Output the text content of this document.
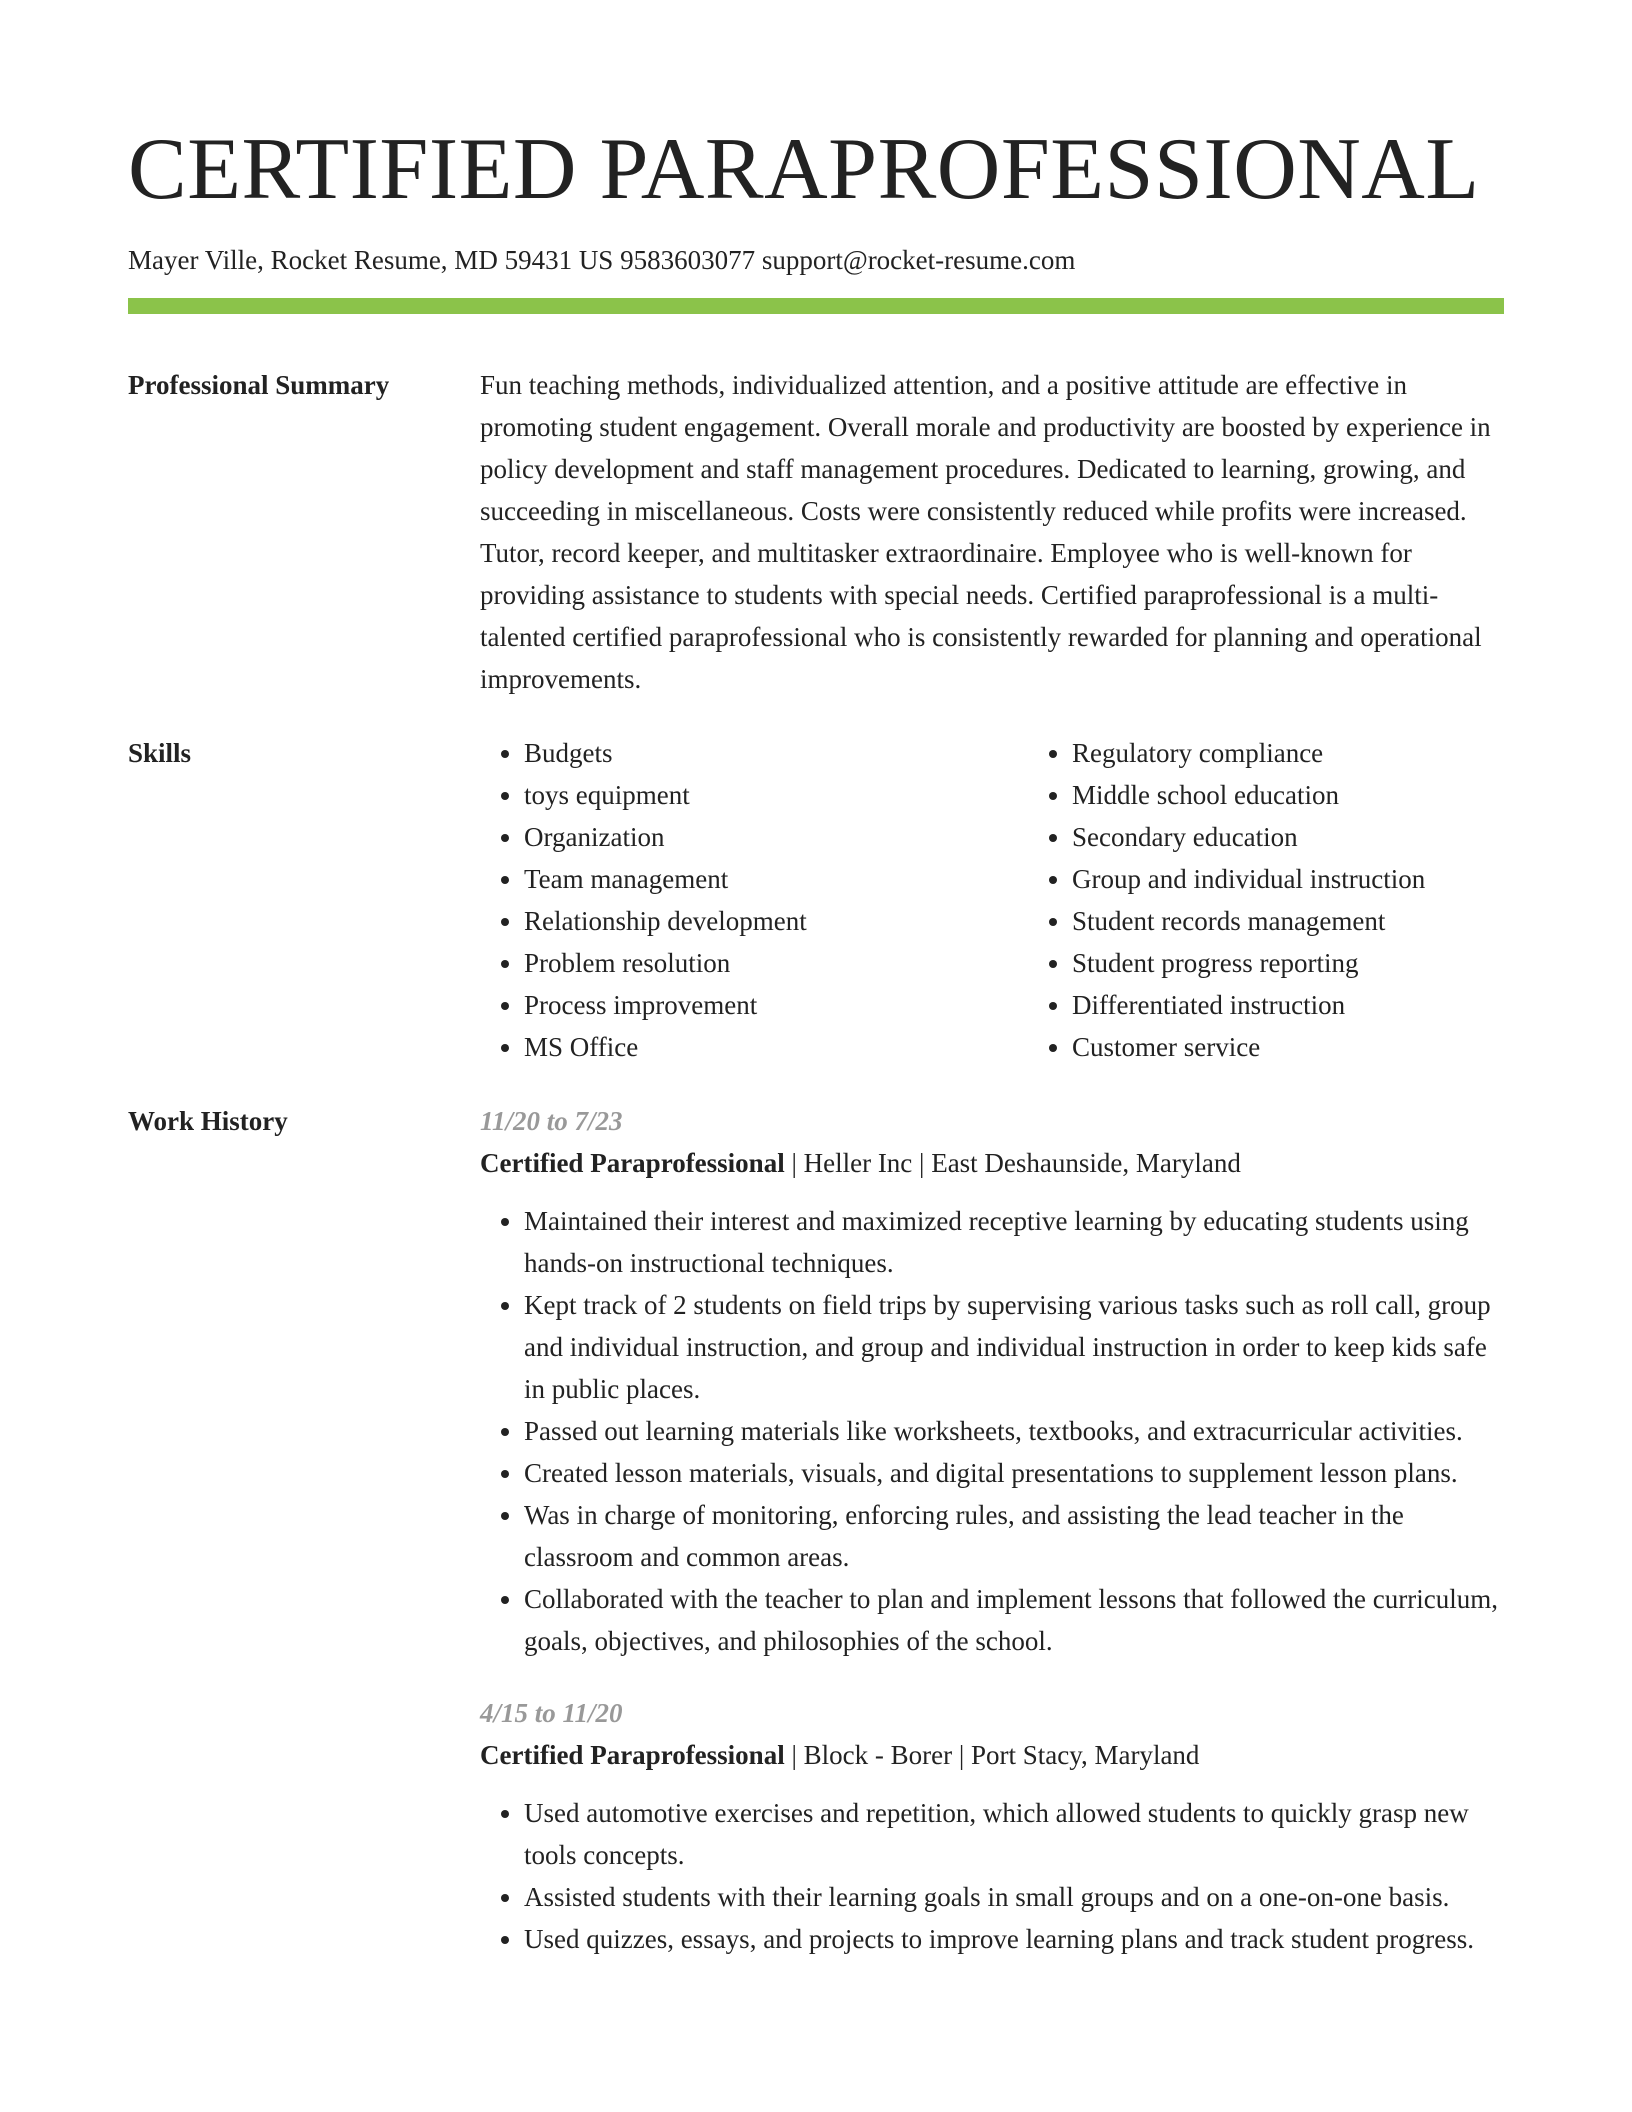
CERTIFIED PARAPROFESSIONAL
Mayer Ville, Rocket Resume, MD 59431 US 9583603077 support@rocket-resume.com
Professional Summary	Fun teaching methods, individualized attention, and a positive attitude are effective in promoting student engagement. Overall morale and productivity are boosted by experience in policy development and staff management procedures. Dedicated to learning, growing, and succeeding in miscellaneous. Costs were consistently reduced while profits were increased. Tutor, record keeper, and multitasker extraordinaire. Employee who is well-known for providing assistance to students with special needs. Certified paraprofessional is a multi-talented certified paraprofessional who is consistently rewarded for planning and operational improvements.

Skills
•	Budgets
• toys equipment
• Organization
• Team management
• Relationship development
• Problem resolution
• Process improvement
• MS Office
• Regulatory compliance
• Middle school education
• Secondary education
• Group and individual instruction
• Student records management
• Student progress reporting
• Differentiated instruction
• Customer service
Work History	11/20 to 7/23
Certified Paraprofessional | Heller Inc | East Deshaunside, Maryland
• Maintained their interest and maximized receptive learning by educating students using hands-on instructional techniques.
• Kept track of 2 students on field trips by supervising various tasks such as roll call, group and individual instruction, and group and individual instruction in order to keep kids safe in public places.
• Passed out learning materials like worksheets, textbooks, and extracurricular activities.
• Created lesson materials, visuals, and digital presentations to supplement lesson plans.
• Was in charge of monitoring, enforcing rules, and assisting the lead teacher in the classroom and common areas.
• Collaborated with the teacher to plan and implement lessons that followed the curriculum, goals, objectives, and philosophies of the school.
4/15 to 11/20
Certified Paraprofessional | Block - Borer | Port Stacy, Maryland
• Used automotive exercises and repetition, which allowed students to quickly grasp new tools concepts.
• Assisted students with their learning goals in small groups and on a one-on-one basis.
• Used quizzes, essays, and projects to improve learning plans and track student progress.
